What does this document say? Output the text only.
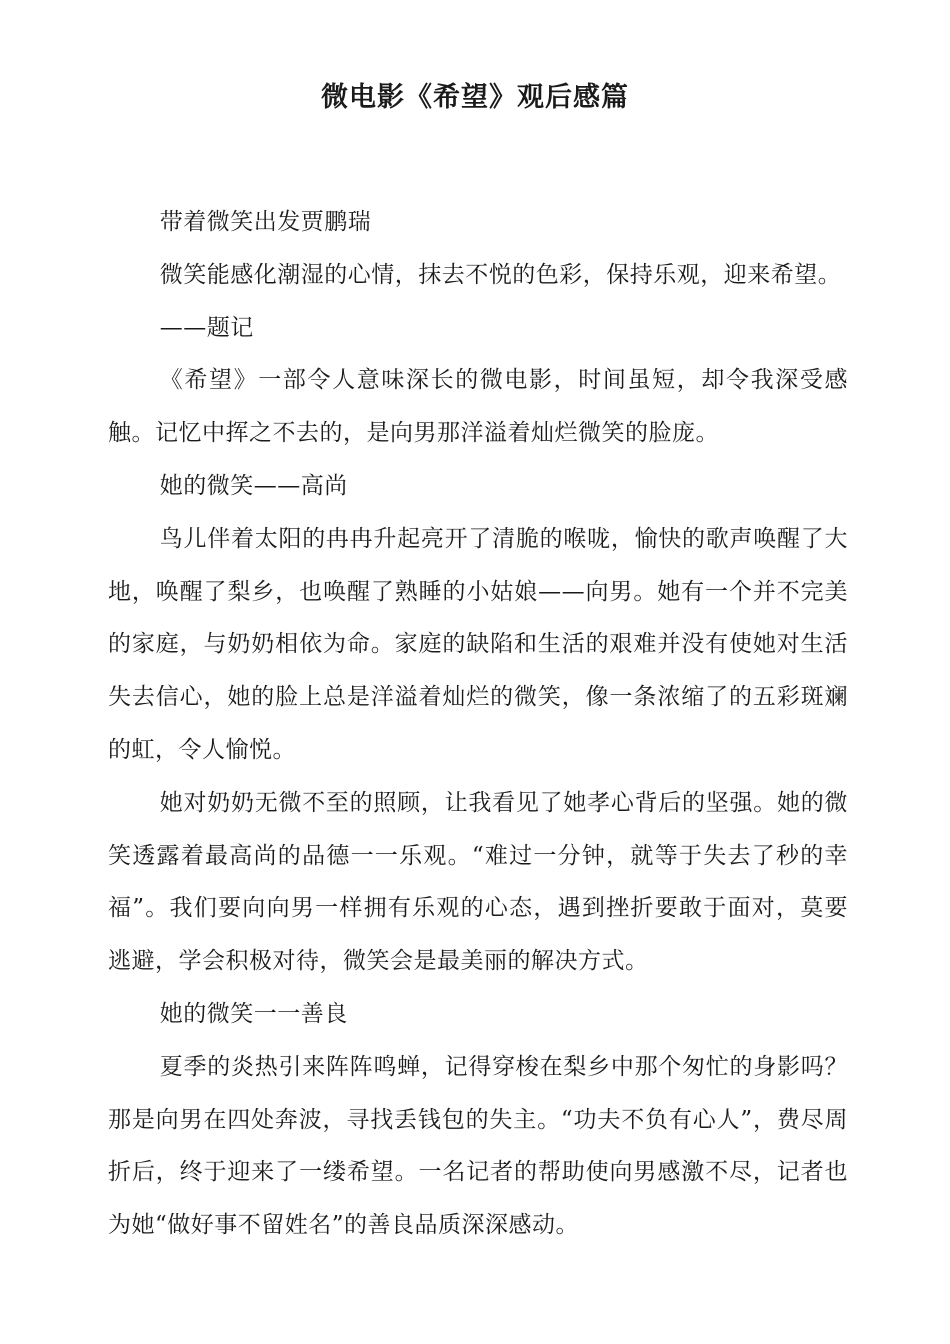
微电影《希望》观后感篇

带着微笑出发贾鹏瑞

微笑能感化潮湿的心情，抹去不悦的色彩，保持乐观，迎来希望。

——题记

《希望》一部令人意味深长的微电影，时间虽短，却令我深受感触。记忆中挥之不去的，是向男那洋溢着灿烂微笑的脸庞。

她的微笑——高尚

鸟儿伴着太阳的冉冉升起亮开了清脆的喉咙，愉快的歌声唤醒了大地，唤醒了梨乡，也唤醒了熟睡的小姑娘——向男。她有一个并不完美的家庭，与奶奶相依为命。家庭的缺陷和生活的艰难并没有使她对生活失去信心，她的脸上总是洋溢着灿烂的微笑，像一条浓缩了的五彩斑斓的虹，令人愉悦。

她对奶奶无微不至的照顾，让我看见了她孝心背后的坚强。她的微笑透露着最高尚的品德一一乐观。“难过一分钟，就等于失去了秒的幸福”。我们要向向男一样拥有乐观的心态，遇到挫折要敢于面对，莫要逃避，学会积极对待，微笑会是最美丽的解决方式。

她的微笑一一善良

夏季的炎热引来阵阵鸣蝉，记得穿梭在梨乡中那个匆忙的身影吗？那是向男在四处奔波，寻找丢钱包的失主。“功夫不负有心人”，费尽周折后，终于迎来了一缕希望。一名记者的帮助使向男感激不尽，记者也为她“做好事不留姓名”的善良品质深深感动。
